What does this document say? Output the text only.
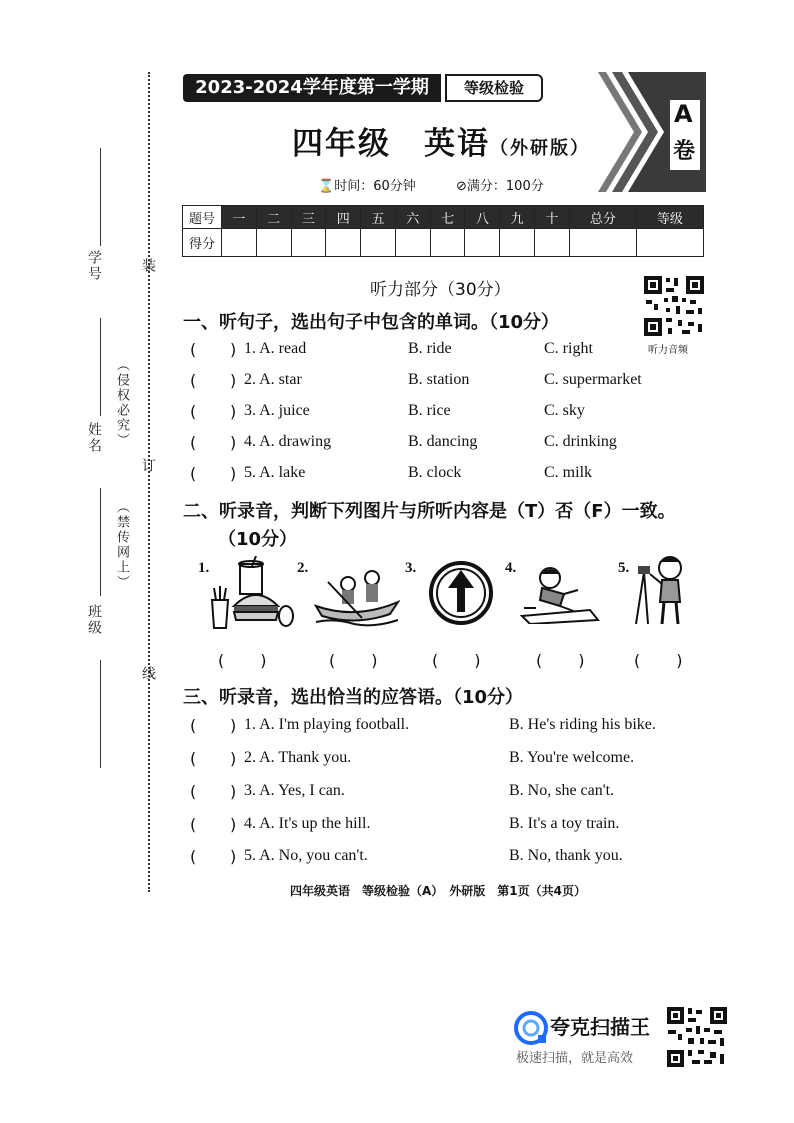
装
订
线
（侵权必究）
（禁传网上）
学号
姓名
班级
2023-2024学年度第一学期	等级检验
四年级　英语（外研版）
⌛时间：60分钟	⊘满分：100分
A
卷
题号	一	二	三	四	五	六	七	八	九	十	总分	等级
得分												
听力音频
听力部分（30分）
一、听句子，选出句子中包含的单词。（10分）
( ) 1. A. read	B. ride	C. right
( ) 2. A. star	B. station	C. supermarket
( ) 3. A. juice	B. rice	C. sky
( ) 4. A. drawing	B. dancing	C. drinking
( ) 5. A. lake	B. clock	C. milk
二、听录音，判断下列图片与所听内容是（T）否（F）一致。
（10分）
1.	2.	3.	4.	5.
( )	( )	( )	( )	( )
三、听录音，选出恰当的应答语。（10分）
( ) 1. A. I'm playing football.	B. He's riding his bike.
( ) 2. A. Thank you.	B. You're welcome.
( ) 3. A. Yes, I can.	B. No, she can't.
( ) 4. A. It's up the hill.	B. It's a toy train.
( ) 5. A. No, you can't.	B. No, thank you.
四年级英语　等级检验（A）　外研版　第1页（共4页）
夸克扫描王
极速扫描，就是高效
